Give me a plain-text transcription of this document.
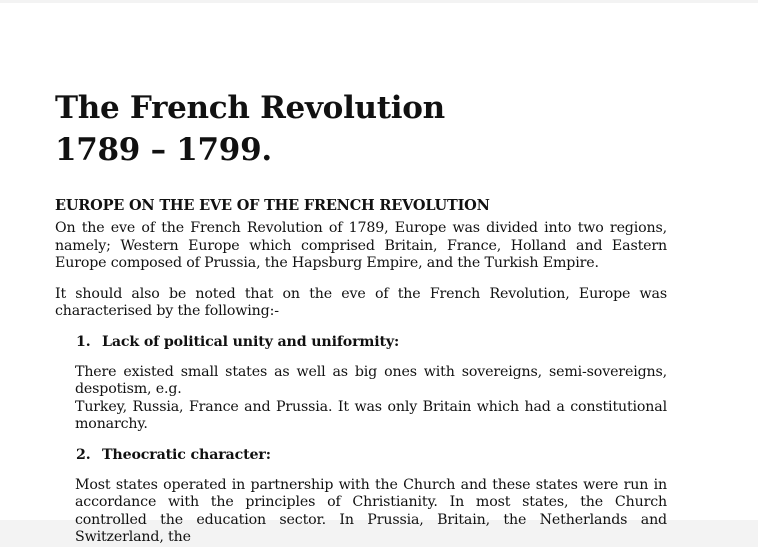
The French Revolution
1789 – 1799.
EUROPE ON THE EVE OF THE FRENCH REVOLUTION

On the eve of the French Revolution of 1789, Europe was divided into two regions, namely; Western Europe which comprised Britain, France, Holland and Eastern Europe composed of Prussia, the Hapsburg Empire, and the Turkish Empire.

It should also be noted that on the eve of the French Revolution, Europe was characterised by the following:-

1. Lack of political unity and uniformity:

There existed small states as well as big ones with sovereigns, semi-sovereigns, despotism, e.g.

Turkey, Russia, France and Prussia. It was only Britain which had a constitutional monarchy.

2. Theocratic character:

Most states operated in partnership with the Church and these states were run in accordance with the principles of Christianity. In most states, the Church controlled the education sector. In Prussia, Britain, the Netherlands and Switzerland, the
